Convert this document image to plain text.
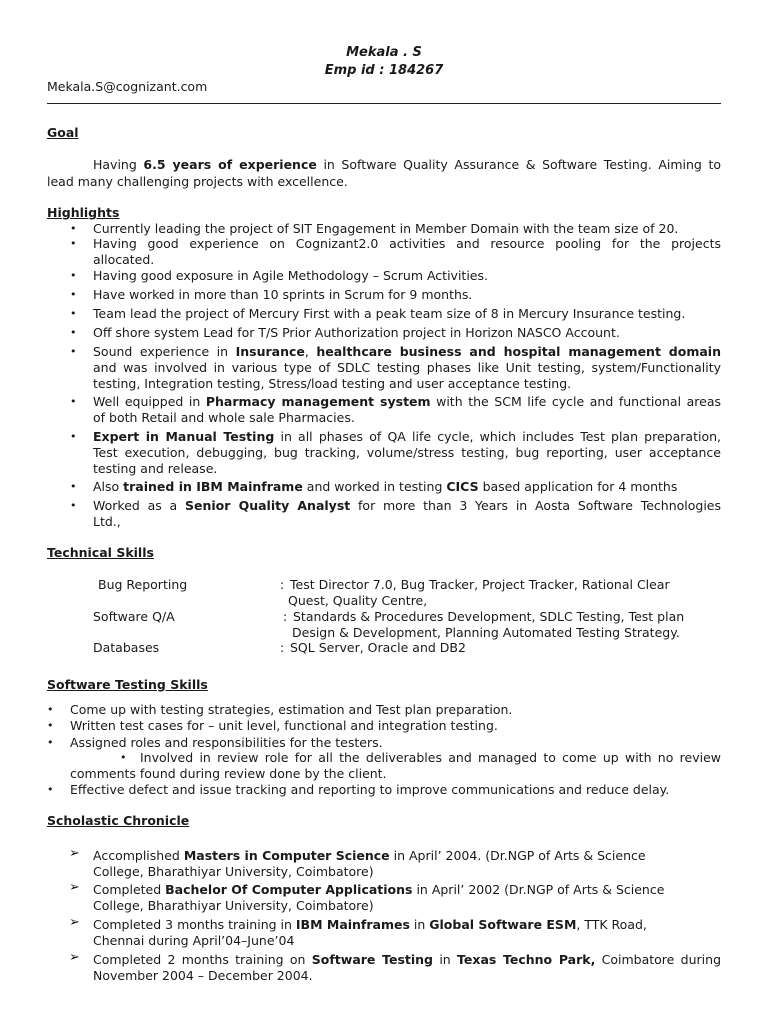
Mekala . S
Emp id : 184267
Mekala.S@cognizant.com
Goal
Having 6.5 years of experience in Software Quality Assurance & Software Testing. Aiming to
lead many challenging projects with excellence.
Highlights
• Currently leading the project of SIT Engagement in Member Domain with the team size of 20.
• Having good experience on Cognizant2.0 activities and resource pooling for the projects
allocated.
• Having good exposure in Agile Methodology – Scrum Activities.
• Have worked in more than 10 sprints in Scrum for 9 months.
• Team lead the project of Mercury First with a peak team size of 8 in Mercury Insurance testing.
• Off shore system Lead for T/S Prior Authorization project in Horizon NASCO Account.
• Sound experience in Insurance, healthcare business and hospital management domain
and was involved in various type of SDLC testing phases like Unit testing, system/Functionality
testing, Integration testing, Stress/load testing and user acceptance testing.
• Well equipped in Pharmacy management system with the SCM life cycle and functional areas
of both Retail and whole sale Pharmacies.
• Expert in Manual Testing in all phases of QA life cycle, which includes Test plan preparation,
Test execution, debugging, bug tracking, volume/stress testing, bug reporting, user acceptance
testing and release.
• Also trained in IBM Mainframe and worked in testing CICS based application for 4 months
• Worked as a Senior Quality Analyst for more than 3 Years in Aosta Software Technologies
Ltd.,
Technical Skills
Bug Reporting	: Test Director 7.0, Bug Tracker, Project Tracker, Rational Clear
Quest, Quality Centre,
Software Q/A	: Standards & Procedures Development, SDLC Testing, Test plan
Design & Development, Planning Automated Testing Strategy.
Databases	: SQL Server, Oracle and DB2
Software Testing Skills
• Come up with testing strategies, estimation and Test plan preparation.
• Written test cases for – unit level, functional and integration testing.
• Assigned roles and responsibilities for the testers.
• Involved in review role for all the deliverables and managed to come up with no review
comments found during review done by the client.
• Effective defect and issue tracking and reporting to improve communications and reduce delay.
Scholastic Chronicle
➢ Accomplished Masters in Computer Science in April’ 2004. (Dr.NGP of Arts & Science
College, Bharathiyar University, Coimbatore)
➢ Completed Bachelor Of Computer Applications in April’ 2002 (Dr.NGP of Arts & Science
College, Bharathiyar University, Coimbatore)
➢ Completed 3 months training in IBM Mainframes in Global Software ESM, TTK Road,
Chennai during April’04–June’04
➢ Completed 2 months training on Software Testing in Texas Techno Park, Coimbatore during
November 2004 – December 2004.
